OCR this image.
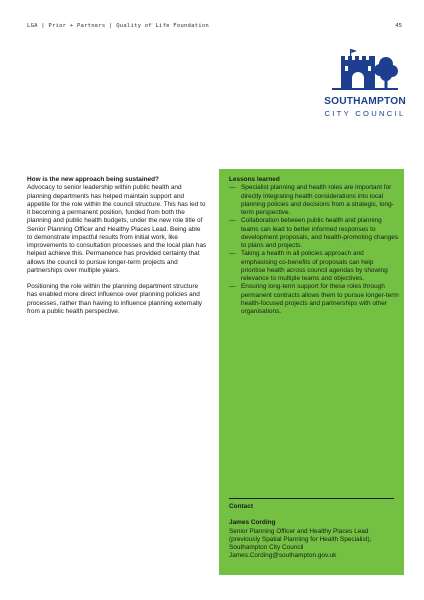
LGA | Prior + Partners | Quality of Life Foundation	45
SOUTHAMPTON
CITY COUNCIL
How is the new approach being sustained?

Advocacy to senior leadership within public health and planning departments has helped maintain support and appetite for the role within the council structure. This has led to it becoming a permanent position, funded from both the planning and public health budgets, under the new role title of Senior Planning Officer and Healthy Places Lead. Being able to demonstrate impactful results from initial work, like improvements to consultation processes and the local plan has helped achieve this. Permanence has provided certainty that allows the council to pursue longer-term projects and partnerships over multiple years.

Positioning the role within the planning department structure has enabled more direct influence over planning policies and processes, rather than having to influence planning externally from a public health perspective.

Lessons learned
— Specialist planning and health roles are important for directly integrating health considerations into local planning policies and decisions from a strategic, long-term perspective.
— Collaboration between public health and planning teams can lead to better informed responses to development proposals, and health-promoting changes to plans and projects.
— Taking a health in all policies approach and emphasising co-benefits of proposals can help prioritise health across council agendas by showing relevance to multiple teams and objectives.
— Ensuring long-term support for these roles through permanent contracts allows them to pursue longer-term health-focused projects and partnerships with other organisations.
Contact
James Cording
Senior Planning Officer and Healthy Places Lead (previously Spatial Planning for Health Specialist), Southampton City Council
James.Cording@southampton.gov.uk
